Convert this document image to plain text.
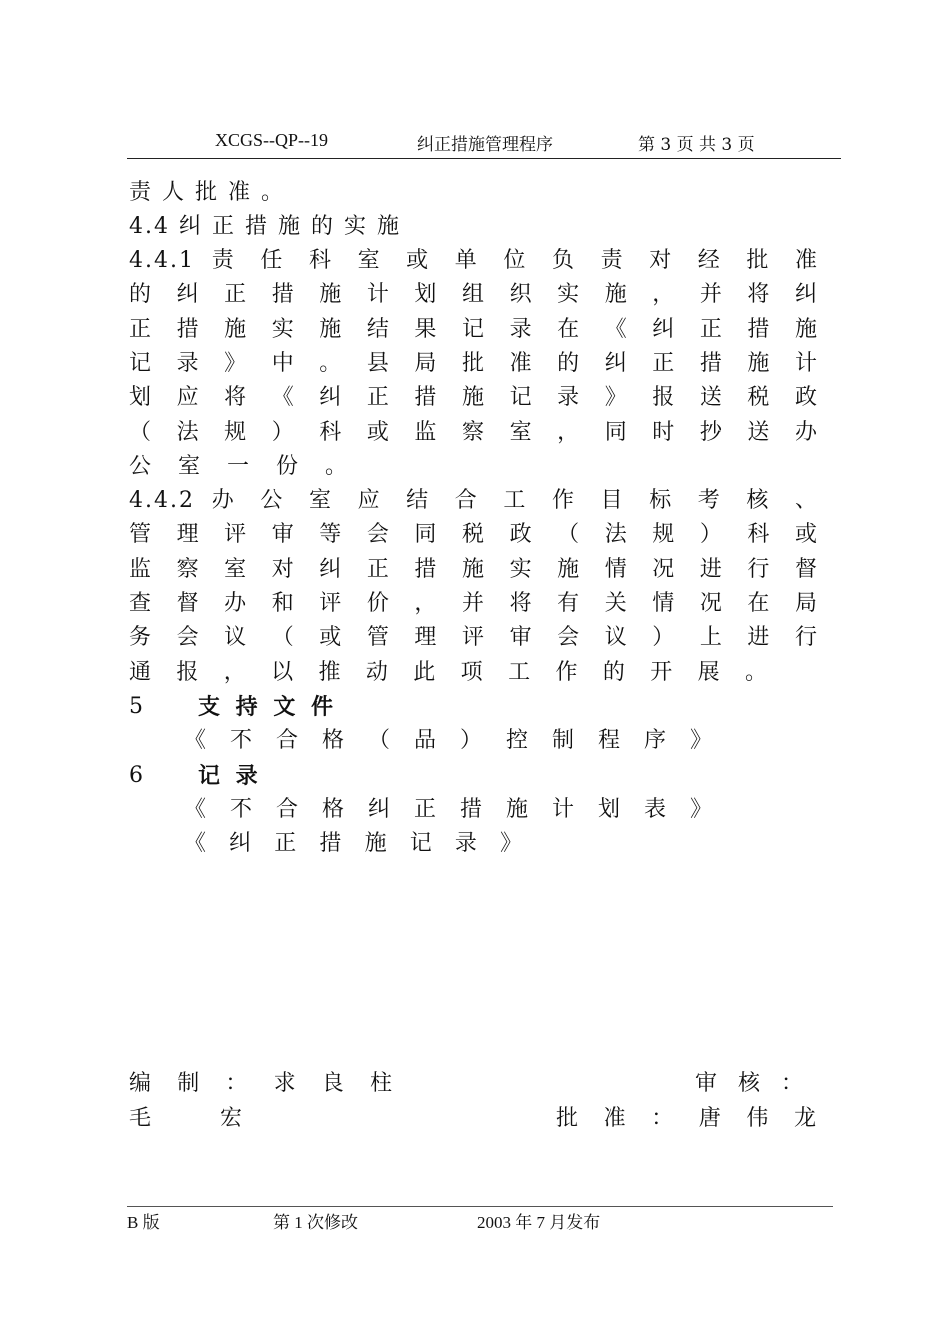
XCGS--QP--19	纠正措施管理程序	第 3 页 共 3 页
责 人 批 准 。
4.4 纠 正 措 施 的 实 施
4.4.1 责 任 科 室 或 单 位 负 责 对 经 批 准
的 纠 正 措 施 计 划 组 织 实 施 ， 并 将 纠
正 措 施 实 施 结 果 记 录 在 《 纠 正 措 施
记 录 》 中 。 县 局 批 准 的 纠 正 措 施 计
划 应 将 《 纠 正 措 施 记 录 》 报 送 税 政
（ 法 规 ） 科 或 监 察 室 ， 同 时 抄 送 办
公 室 一 份 。
4.4.2 办 公 室 应 结 合 工 作 目 标 考 核 、
管 理 评 审 等 会 同 税 政 （ 法 规 ） 科 或
监 察 室 对 纠 正 措 施 实 施 情 况 进 行 督
查 督 办 和 评 价 ， 并 将 有 关 情 况 在 局
务 会 议 （ 或 管 理 评 审 会 议 ） 上 进 行
通 报 ， 以 推 动 此 项 工 作 的 开 展 。
5	支 持 文 件
《 不 合 格 （ 品 ） 控 制 程 序 》
6	记 录
《 不 合 格 纠 正 措 施 计 划 表 》
《 纠 正 措 施 记 录 》
编 制 ： 求 良 柱	审 核 ：
毛 宏	批 准 ： 唐 伟 龙
B 版	第 1 次修改	2003 年 7 月发布
